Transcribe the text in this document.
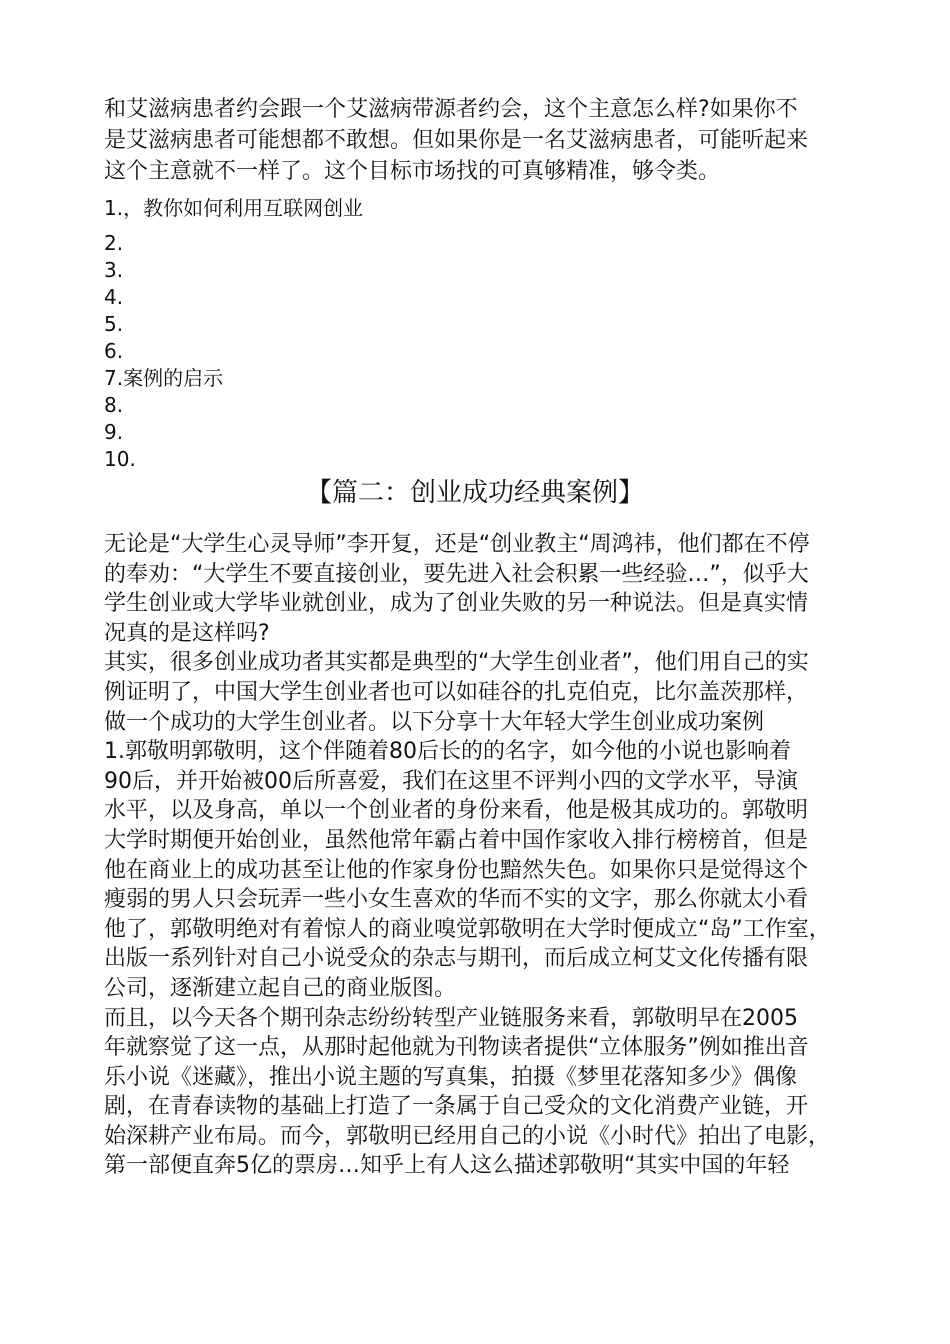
和艾滋病患者约会跟一个艾滋病带源者约会，这个主意怎么样?如果你不
是艾滋病患者可能想都不敢想。但如果你是一名艾滋病患者，可能听起来
这个主意就不一样了。这个目标市场找的可真够精准，够令类。
1.，教你如何利用互联网创业
2.
3.
4.
5.
6.
7.案例的启示
8.
9.
10.
【篇二：创业成功经典案例】
无论是“大学生心灵导师”李开复，还是“创业教主“周鸿祎，他们都在不停
的奉劝：“大学生不要直接创业，要先进入社会积累一些经验…”，似乎大
学生创业或大学毕业就创业，成为了创业失败的另一种说法。但是真实情
况真的是这样吗?
其实，很多创业成功者其实都是典型的“大学生创业者”，他们用自己的实
例证明了，中国大学生创业者也可以如硅谷的扎克伯克，比尔盖茨那样，
做一个成功的大学生创业者。以下分享十大年轻大学生创业成功案例
1.郭敬明郭敬明，这个伴随着80后长的的名字，如今他的小说也影响着
90后，并开始被00后所喜爱，我们在这里不评判小四的文学水平，导演
水平，以及身高，单以一个创业者的身份来看，他是极其成功的。郭敬明
大学时期便开始创业，虽然他常年霸占着中国作家收入排行榜榜首，但是
他在商业上的成功甚至让他的作家身份也黯然失色。如果你只是觉得这个
瘦弱的男人只会玩弄一些小女生喜欢的华而不实的文字，那么你就太小看
他了，郭敬明绝对有着惊人的商业嗅觉郭敬明在大学时便成立“岛”工作室，
出版一系列针对自己小说受众的杂志与期刊，而后成立柯艾文化传播有限
公司，逐渐建立起自己的商业版图。
而且，以今天各个期刊杂志纷纷转型产业链服务来看，郭敬明早在2005
年就察觉了这一点，从那时起他就为刊物读者提供“立体服务”例如推出音
乐小说《迷藏》，推出小说主题的写真集，拍摄《梦里花落知多少》偶像
剧，在青春读物的基础上打造了一条属于自己受众的文化消费产业链，开
始深耕产业布局。而今，郭敬明已经用自己的小说《小时代》拍出了电影，
第一部便直奔5亿的票房…知乎上有人这么描述郭敬明“其实中国的年轻
